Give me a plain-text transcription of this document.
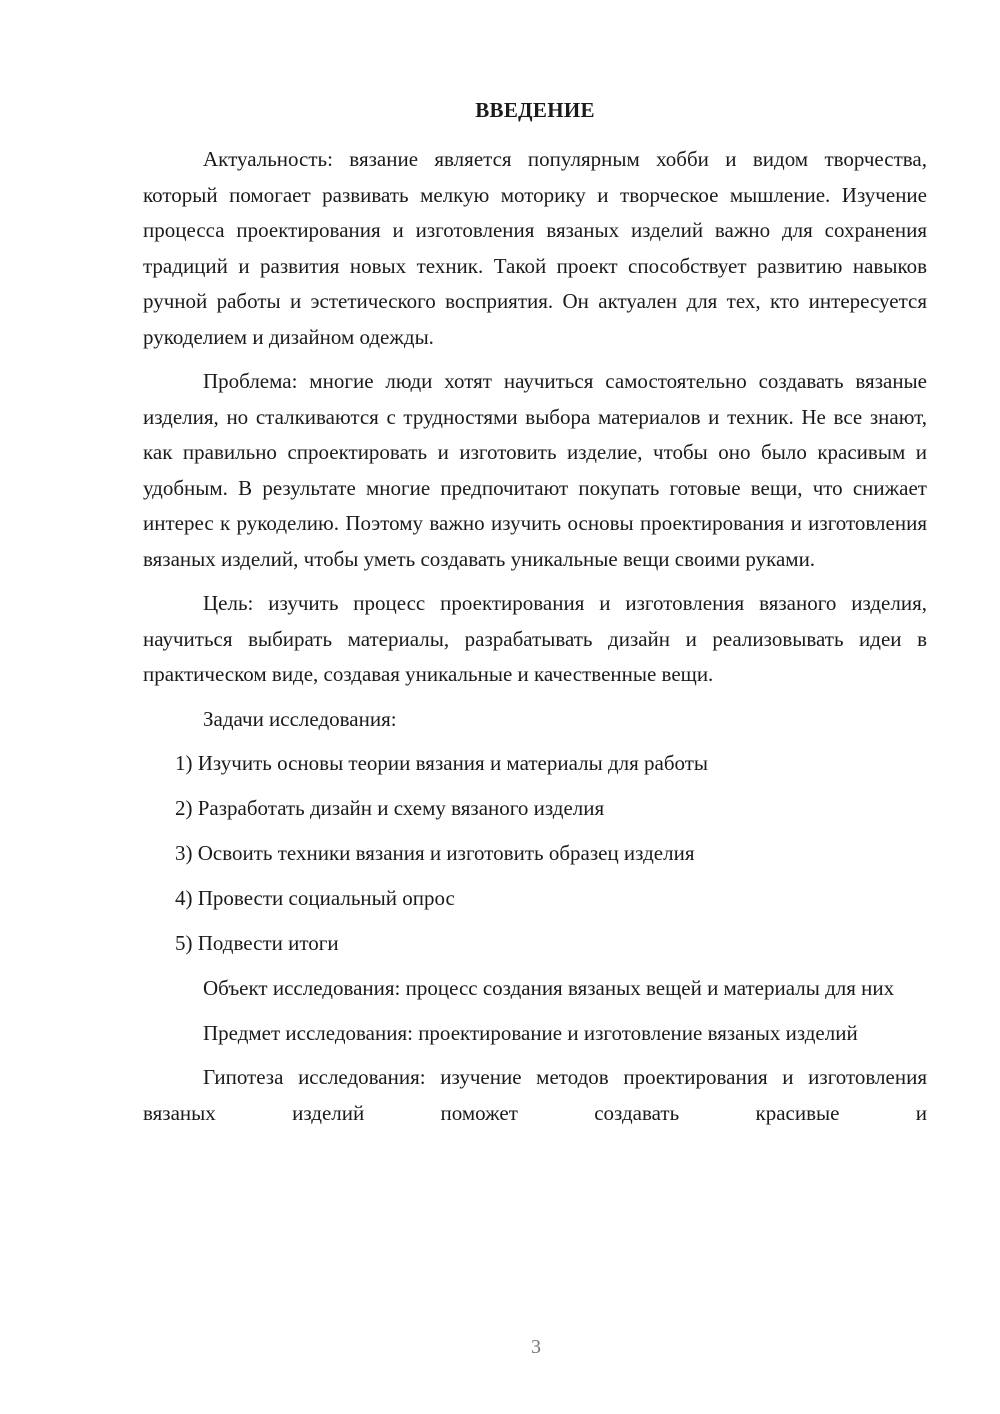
ВВЕДЕНИЕ

Актуальность: вязание является популярным хобби и видом творчества, который помогает развивать мелкую моторику и творческое мышление. Изучение процесса проектирования и изготовления вязаных изделий важно для сохранения традиций и развития новых техник. Такой проект способствует развитию навыков ручной работы и эстетического восприятия. Он актуален для тех, кто интересуется рукоделием и дизайном одежды.

Проблема: многие люди хотят научиться самостоятельно создавать вязаные изделия, но сталкиваются с трудностями выбора материалов и техник. Не все знают, как правильно спроектировать и изготовить изделие, чтобы оно было красивым и удобным. В результате многие предпочитают покупать готовые вещи, что снижает интерес к рукоделию. Поэтому важно изучить основы проектирования и изготовления вязаных изделий, чтобы уметь создавать уникальные вещи своими руками.

Цель: изучить процесс проектирования и изготовления вязаного изделия, научиться выбирать материалы, разрабатывать дизайн и реализовывать идеи в практическом виде, создавая уникальные и качественные вещи.

Задачи исследования:

1) Изучить основы теории вязания и материалы для работы
2) Разработать дизайн и схему вязаного изделия
3) Освоить техники вязания и изготовить образец изделия
4) Провести социальный опрос
5) Подвести итоги

Объект исследования: процесс создания вязаных вещей и материалы для них

Предмет исследования: проектирование и изготовление вязаных изделий

Гипотеза исследования: изучение методов проектирования и изготовления вязаных изделий поможет создавать красивые и

3
